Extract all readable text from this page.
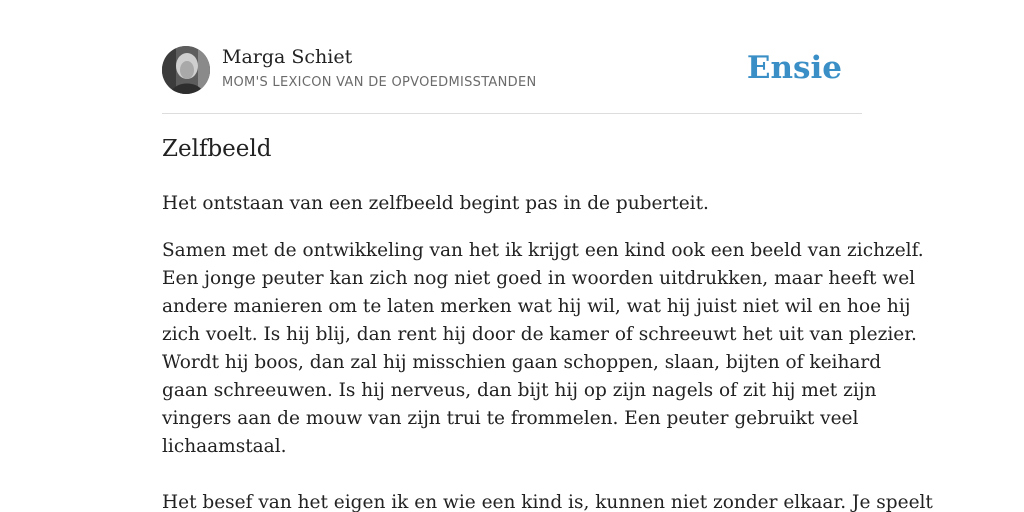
Marga Schiet
MOM'S LEXICON VAN DE OPVOEDMISSTANDEN	Ensie
Zelfbeeld

Het ontstaan van een zelfbeeld begint pas in de puberteit.

Samen met de ontwikkeling van het ik krijgt een kind ook een beeld van zichzelf.
Een jonge peuter kan zich nog niet goed in woorden uitdrukken, maar heeft wel
andere manieren om te laten merken wat hij wil, wat hij juist niet wil en hoe hij
zich voelt. Is hij blij, dan rent hij door de kamer of schreeuwt het uit van plezier.
Wordt hij boos, dan zal hij misschien gaan schoppen, slaan, bijten of keihard
gaan schreeuwen. Is hij nerveus, dan bijt hij op zijn nagels of zit hij met zijn
vingers aan de mouw van zijn trui te frommelen. Een peuter gebruikt veel
lichaamstaal.

Het besef van het eigen ik en wie een kind is, kunnen niet zonder elkaar. Je speelt
